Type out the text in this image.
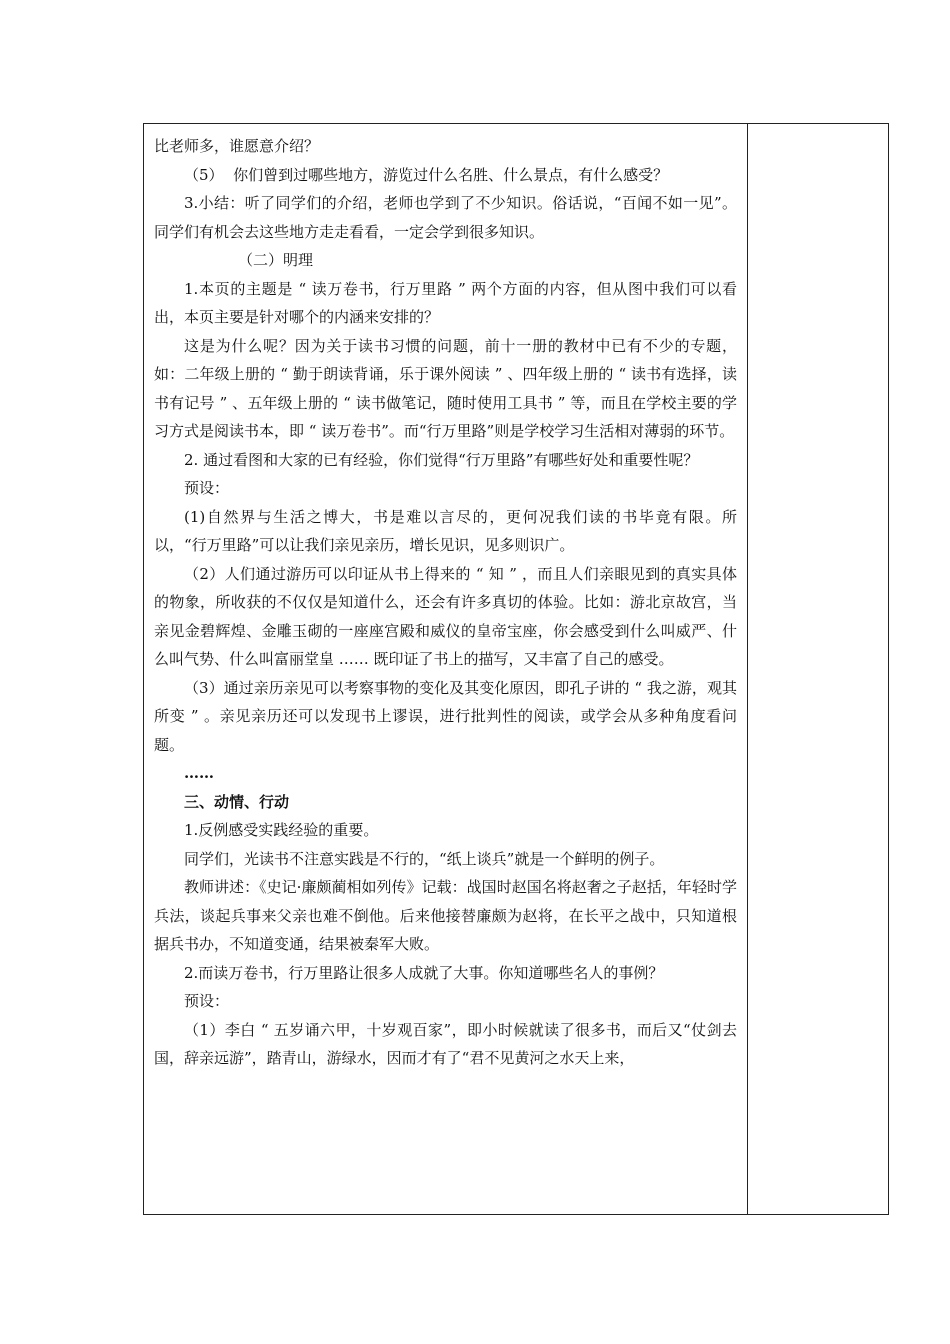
比老师多，谁愿意介绍？

（5）  你们曾到过哪些地方，游览过什么名胜、什么景点，有什么感受？

3.小结：听了同学们的介绍，老师也学到了不少知识。俗话说，“百闻不如一见”。同学们有机会去这些地方走走看看，一定会学到很多知识。

（二）明理

1.本页的主题是 “ 读万卷书，行万里路 ” 两个方面的内容，但从图中我们可以看出，本页主要是针对哪个的内涵来安排的？

这是为什么呢？因为关于读书习惯的问题，前十一册的教材中已有不少的专题，如：二年级上册的 “ 勤于朗读背诵，乐于课外阅读 ” 、四年级上册的 “ 读书有选择，读书有记号 ” 、五年级上册的 “ 读书做笔记，随时使用工具书 ” 等，而且在学校主要的学习方式是阅读书本，即 “ 读万卷书”。而“行万里路”则是学校学习生活相对薄弱的环节。

2. 通过看图和大家的已有经验，你们觉得“行万里路”有哪些好处和重要性呢？

预设：

(1)自然界与生活之博大，书是难以言尽的，更何况我们读的书毕竟有限。所以，“行万里路”可以让我们亲见亲历，增长见识，见多则识广。

（2）人们通过游历可以印证从书上得来的 “ 知 ” ，而且人们亲眼见到的真实具体的物象，所收获的不仅仅是知道什么，还会有许多真切的体验。比如：游北京故宫，当亲见金碧辉煌、金雕玉砌的一座座宫殿和威仪的皇帝宝座，你会感受到什么叫威严、什么叫气势、什么叫富丽堂皇 …… 既印证了书上的描写，又丰富了自己的感受。

（3）通过亲历亲见可以考察事物的变化及其变化原因，即孔子讲的 “ 我之游，观其所变 ” 。亲见亲历还可以发现书上谬误，进行批判性的阅读，或学会从多种角度看问题。

……

三、动情、行动

1.反例感受实践经验的重要。

同学们，光读书不注意实践是不行的，“纸上谈兵”就是一个鲜明的例子。

教师讲述：《史记·廉颇蔺相如列传》记载：战国时赵国名将赵奢之子赵括，年轻时学兵法，谈起兵事来父亲也难不倒他。后来他接替廉颇为赵将，在长平之战中，只知道根据兵书办，不知道变通，结果被秦军大败。

2.而读万卷书，行万里路让很多人成就了大事。你知道哪些名人的事例？

预设：

（1）李白 “ 五岁诵六甲，十岁观百家”，即小时候就读了很多书，而后又“仗剑去国，辞亲远游”，踏青山，游绿水，因而才有了“君不见黄河之水天上来，
